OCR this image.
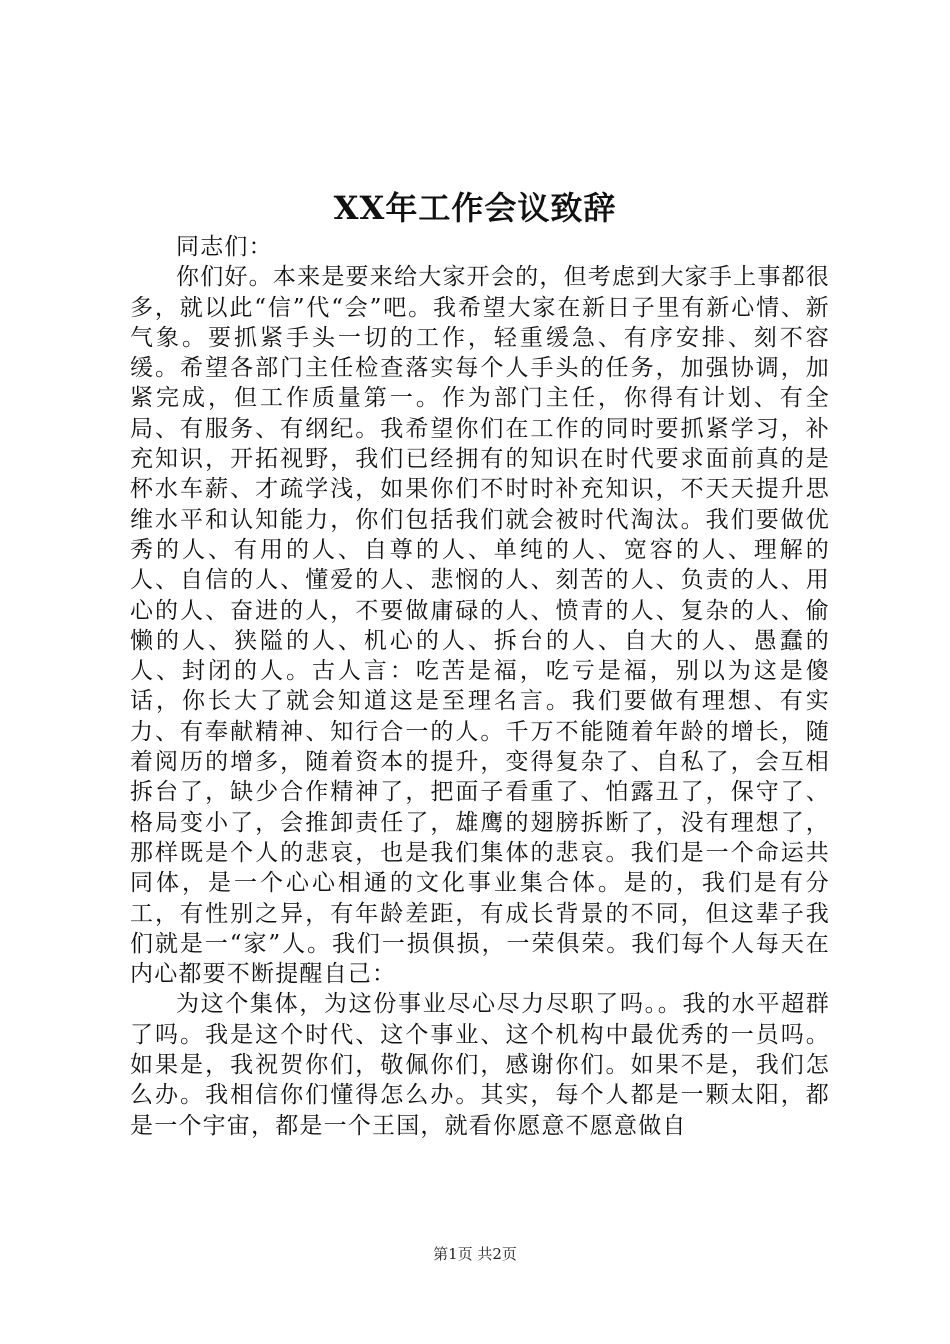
XX年工作会议致辞

同志们：

你们好。本来是要来给大家开会的，但考虑到大家手上事都很多，就以此“信”代“会”吧。我希望大家在新日子里有新心情、新气象。要抓紧手头一切的工作，轻重缓急、有序安排、刻不容缓。希望各部门主任检查落实每个人手头的任务，加强协调，加紧完成，但工作质量第一。作为部门主任，你得有计划、有全局、有服务、有纲纪。我希望你们在工作的同时要抓紧学习，补充知识，开拓视野，我们已经拥有的知识在时代要求面前真的是杯水车薪、才疏学浅，如果你们不时时补充知识，不天天提升思维水平和认知能力，你们包括我们就会被时代淘汰。我们要做优秀的人、有用的人、自尊的人、单纯的人、宽容的人、理解的人、自信的人、懂爱的人、悲悯的人、刻苦的人、负责的人、用心的人、奋进的人，不要做庸碌的人、愤青的人、复杂的人、偷懒的人、狭隘的人、机心的人、拆台的人、自大的人、愚蠢的人、封闭的人。古人言：吃苦是福，吃亏是福，别以为这是傻话，你长大了就会知道这是至理名言。我们要做有理想、有实力、有奉献精神、知行合一的人。千万不能随着年龄的增长，随着阅历的增多，随着资本的提升，变得复杂了、自私了，会互相拆台了，缺少合作精神了，把面子看重了、怕露丑了，保守了、格局变小了，会推卸责任了，雄鹰的翅膀拆断了，没有理想了，那样既是个人的悲哀，也是我们集体的悲哀。我们是一个命运共同体，是一个心心相通的文化事业集合体。是的，我们是有分工，有性别之异，有年龄差距，有成长背景的不同，但这辈子我们就是一“家”人。我们一损俱损，一荣俱荣。我们每个人每天在内心都要不断提醒自己：

为这个集体，为这份事业尽心尽力尽职了吗。。我的水平超群了吗。我是这个时代、这个事业、这个机构中最优秀的一员吗。如果是，我祝贺你们，敬佩你们，感谢你们。如果不是，我们怎么办。我相信你们懂得怎么办。其实，每个人都是一颗太阳，都是一个宇宙，都是一个王国，就看你愿意不愿意做自

第1页 共2页
